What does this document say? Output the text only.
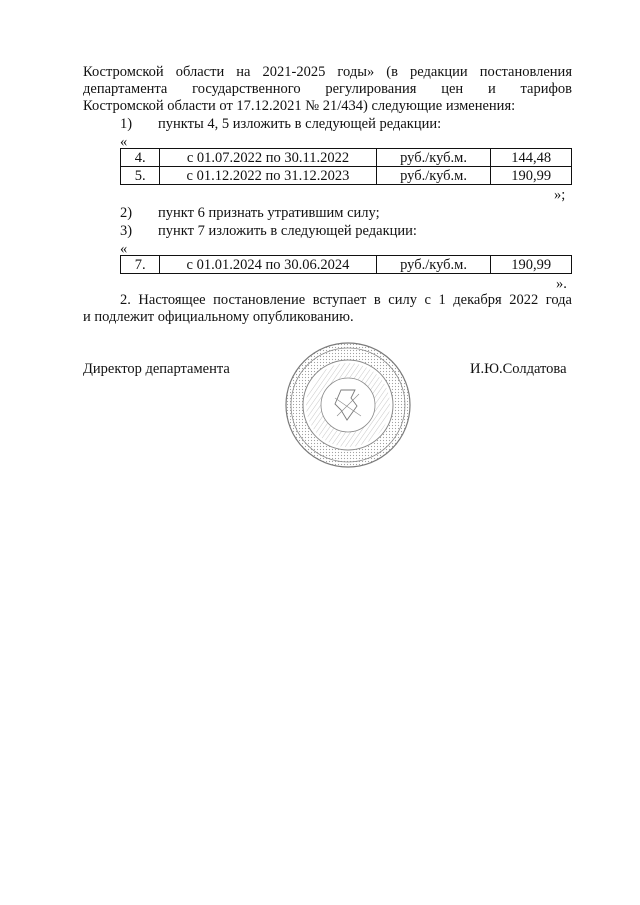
Костромской области на 2021-2025 годы» (в редакции постановления
департамента государственного регулирования цен и тарифов
Костромской области от 17.12.2021 № 21/434) следующие изменения:
1) пункты 4, 5 изложить в следующей редакции:
«
4.	с 01.07.2022 по 30.11.2022	руб./куб.м.	144,48
5.	с 01.12.2022 по 31.12.2023	руб./куб.м.	190,99
»;
2) пункт 6 признать утратившим силу;
3) пункт 7 изложить в следующей редакции:
«
7.	с 01.01.2024 по 30.06.2024	руб./куб.м.	190,99
».
2. Настоящее постановление вступает в силу с 1 декабря 2022 года
и подлежит официальному опубликованию.
Директор департамента	И.Ю.Солдатова
